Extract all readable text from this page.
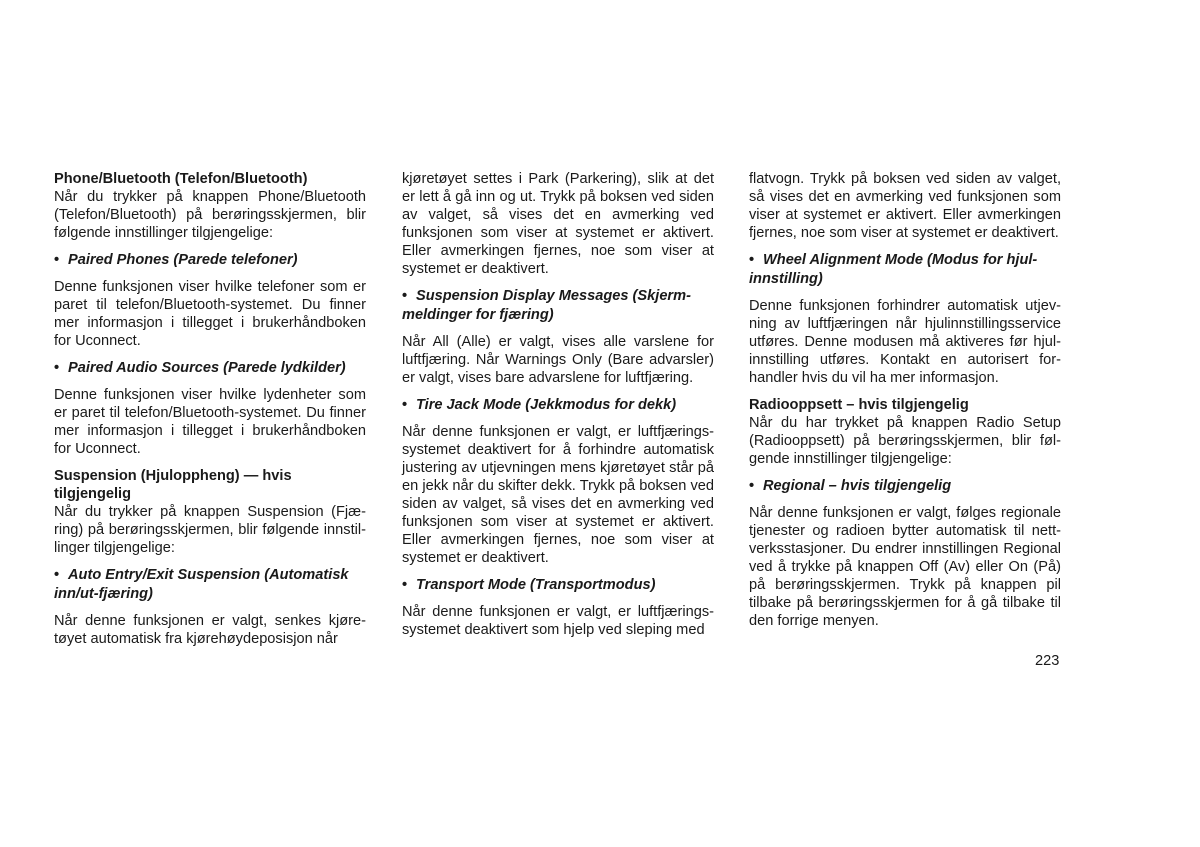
Phone/Bluetooth (Telefon/Bluetooth)

Når du trykker på knappen Phone/Bluetooth (Telefon/Bluetooth) på berøringsskjermen, blir følgende innstillinger tilgjengelige:

• Paired Phones (Parede telefoner)

Denne funksjonen viser hvilke telefoner som er paret til telefon/Bluetooth-systemet. Du finner mer informasjon i tillegget i brukerhåndboken for Uconnect.

• Paired Audio Sources (Parede lydkilder)

Denne funksjonen viser hvilke lydenheter som er paret til telefon/Bluetooth-systemet. Du finner mer informasjon i tillegget i brukerhåndboken for Uconnect.

Suspension (Hjuloppheng) — hvis tilgjengelig

Når du trykker på knappen Suspension (Fjæring) på berøringsskjermen, blir følgende innstillinger tilgjengelige:

• Auto Entry/Exit Suspension (Automatisk inn/ut-fjæring)

Når denne funksjonen er valgt, senkes kjøretøyet automatisk fra kjørehøydeposisjon når

kjøretøyet settes i Park (Parkering), slik at det er lett å gå inn og ut. Trykk på boksen ved siden av valget, så vises det en avmerking ved funksjonen som viser at systemet er aktivert. Eller avmerkingen fjernes, noe som viser at systemet er deaktivert.

• Suspension Display Messages (Skjermmeldinger for fjæring)

Når All (Alle) er valgt, vises alle varslene for luftfjæring. Når Warnings Only (Bare advarsler) er valgt, vises bare advarslene for luftfjæring.

• Tire Jack Mode (Jekkmodus for dekk)

Når denne funksjonen er valgt, er luftfjæringssystemet deaktivert for å forhindre automatisk justering av utjevningen mens kjøretøyet står på en jekk når du skifter dekk. Trykk på boksen ved siden av valget, så vises det en avmerking ved funksjonen som viser at systemet er aktivert. Eller avmerkingen fjernes, noe som viser at systemet er deaktivert.

• Transport Mode (Transportmodus)

Når denne funksjonen er valgt, er luftfjæringssystemet deaktivert som hjelp ved sleping med

flatvogn. Trykk på boksen ved siden av valget, så vises det en avmerking ved funksjonen som viser at systemet er aktivert. Eller avmerkingen fjernes, noe som viser at systemet er deaktivert.

• Wheel Alignment Mode (Modus for hjulinnstilling)

Denne funksjonen forhindrer automatisk utjevning av luftfjæringen når hjulinnstillingsservice utføres. Denne modusen må aktiveres før hjulinnstilling utføres. Kontakt en autorisert forhandler hvis du vil ha mer informasjon.

Radiooppsett – hvis tilgjengelig

Når du har trykket på knappen Radio Setup (Radiooppsett) på berøringsskjermen, blir følgende innstillinger tilgjengelige:

• Regional – hvis tilgjengelig

Når denne funksjonen er valgt, følges regionale tjenester og radioen bytter automatisk til nettverksstasjoner. Du endrer innstillingen Regional ved å trykke på knappen Off (Av) eller On (På) på berøringsskjermen. Trykk på knappen pil tilbake på berøringsskjermen for å gå tilbake til den forrige menyen.

223
